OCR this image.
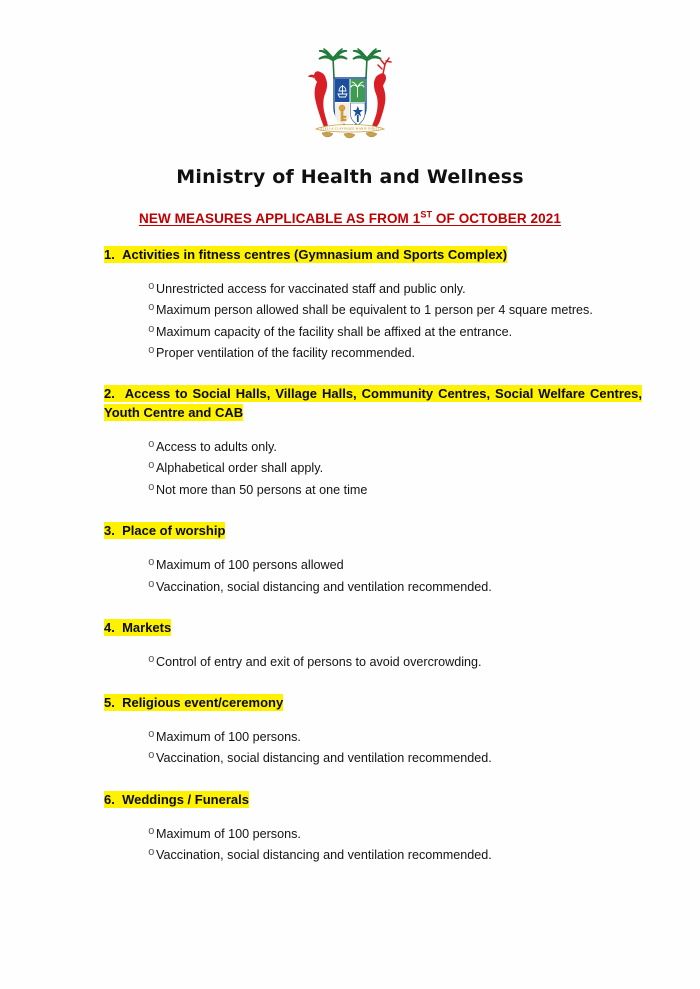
STELLA CLAVISQUE MARIS INDICI
Ministry of Health and Wellness
NEW MEASURES APPLICABLE AS FROM 1ST OF OCTOBER 2021

1. Activities in fitness centres (Gymnasium and Sports Complex)

o Unrestricted access for vaccinated staff and public only.
o Maximum person allowed shall be equivalent to 1 person per 4 square metres.
o Maximum capacity of the facility shall be affixed at the entrance.
o Proper ventilation of the facility recommended.

2. Access to Social Halls, Village Halls, Community Centres, Social Welfare Centres, Youth Centre and CAB

o Access to adults only.
o Alphabetical order shall apply.
o Not more than 50 persons at one time

3. Place of worship

o Maximum of 100 persons allowed
o Vaccination, social distancing and ventilation recommended.

4. Markets

o Control of entry and exit of persons to avoid overcrowding.

5. Religious event/ceremony

o Maximum of 100 persons.
o Vaccination, social distancing and ventilation recommended.

6. Weddings / Funerals

o Maximum of 100 persons.
o Vaccination, social distancing and ventilation recommended.
